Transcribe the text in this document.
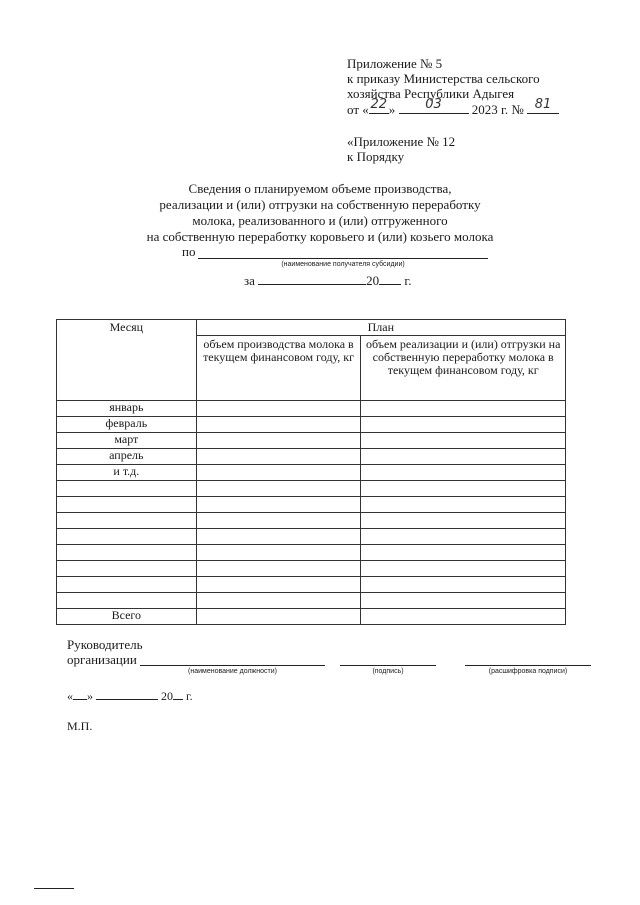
Приложение № 5
к приказу Министерства сельского
хозяйства Республики Адыгея
от « 22 »	03	2023 г. № 81
«Приложение № 12
к Порядку
Сведения о планируемом объеме производства,
реализации и (или) отгрузки на собственную переработку
молока, реализованного и (или) отгруженного
на собственную переработку коровьего и (или) козьего молока
по
(наименование получателя субсидии)
за	20 г.
Месяц	План	
	объем производства молока в текущем финансовом году, кг	объем реализации и (или) отгрузки на собственную переработку молока в текущем финансовом году, кг
январь		
февраль		
март		
апрель		
и т.д.		

Всего		
Руководитель
организации
(наименование должности)	(подпись)	(расшифровка подписи)
« »	20 г.
М.П.
